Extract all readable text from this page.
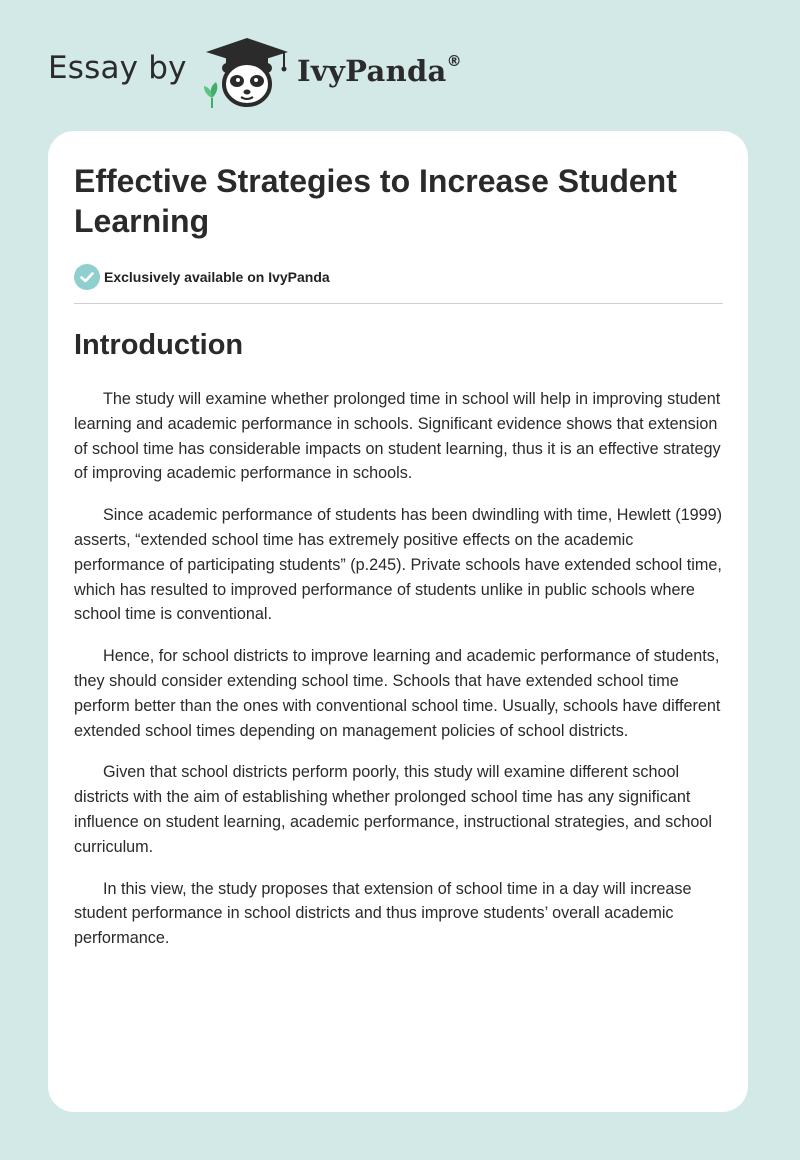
Essay by	IvyPanda®
Effective Strategies to Increase Student Learning
Exclusively available on IvyPanda
Introduction

The study will examine whether prolonged time in school will help in improving student learning and academic performance in schools. Significant evidence shows that extension of school time has considerable impacts on student learning, thus it is an effective strategy of improving academic performance in schools.

Since academic performance of students has been dwindling with time, Hewlett (1999) asserts, “extended school time has extremely positive effects on the academic performance of participating students” (p.245). Private schools have extended school time, which has resulted to improved performance of students unlike in public schools where school time is conventional.

Hence, for school districts to improve learning and academic performance of students, they should consider extending school time. Schools that have extended school time perform better than the ones with conventional school time. Usually, schools have different extended school times depending on management policies of school districts.

Given that school districts perform poorly, this study will examine different school districts with the aim of establishing whether prolonged school time has any significant influence on student learning, academic performance, instructional strategies, and school curriculum.

In this view, the study proposes that extension of school time in a day will increase student performance in school districts and thus improve students’ overall academic performance.
